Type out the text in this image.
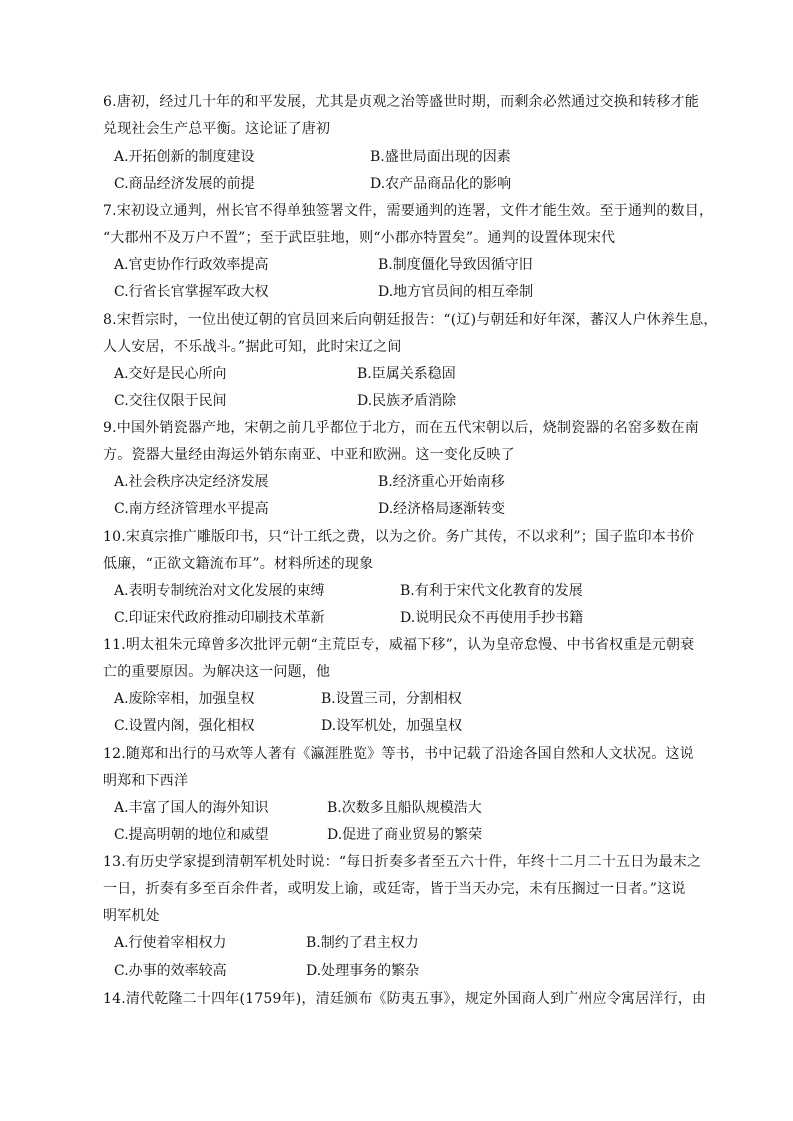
6.唐初，经过几十年的和平发展，尤其是贞观之治等盛世时期，而剩余必然通过交换和转移才能
兑现社会生产总平衡。这论证了唐初
A.开拓创新的制度建设	B.盛世局面出现的因素
C.商品经济发展的前提	D.农产品商品化的影响
7.宋初设立通判，州长官不得单独签署文件，需要通判的连署，文件才能生效。至于通判的数目，
“大郡州不及万户不置”；至于武臣驻地，则“小郡亦特置矣”。通判的设置体现宋代
A.官吏协作行政效率提高	B.制度僵化导致因循守旧
C.行省长官掌握军政大权	D.地方官员间的相互牵制
8.宋哲宗时，一位出使辽朝的官员回来后向朝廷报告：“(辽)与朝廷和好年深，蕃汉人户休养生息，
人人安居，不乐战斗。”据此可知，此时宋辽之间
A.交好是民心所向	B.臣属关系稳固
C.交往仅限于民间	D.民族矛盾消除
9.中国外销瓷器产地，宋朝之前几乎都位于北方，而在五代宋朝以后，烧制瓷器的名窑多数在南
方。瓷器大量经由海运外销东南亚、中亚和欧洲。这一变化反映了
A.社会秩序决定经济发展	B.经济重心开始南移
C.南方经济管理水平提高	D.经济格局逐渐转变
10.宋真宗推广雕版印书，只“计工纸之费，以为之价。务广其传，不以求利”；国子监印本书价
低廉，“正欲文籍流布耳”。材料所述的现象
A.表明专制统治对文化发展的束缚	B.有利于宋代文化教育的发展
C.印证宋代政府推动印刷技术革新	D.说明民众不再使用手抄书籍
11.明太祖朱元璋曾多次批评元朝“主荒臣专，威福下移”，认为皇帝怠慢、中书省权重是元朝衰
亡的重要原因。为解决这一问题，他
A.废除宰相，加强皇权	B.设置三司，分割相权
C.设置内阁，强化相权	D.设军机处，加强皇权
12.随郑和出行的马欢等人著有《瀛涯胜览》等书，书中记载了沿途各国自然和人文状况。这说
明郑和下西洋
A.丰富了国人的海外知识	B.次数多且船队规模浩大
C.提高明朝的地位和威望	D.促进了商业贸易的繁荣
13.有历史学家提到清朝军机处时说：“每日折奏多者至五六十件，年终十二月二十五日为最末之
一日，折奏有多至百余件者，或明发上谕，或廷寄，皆于当天办完，未有压搁过一日者。”这说
明军机处
A.行使着宰相权力	B.制约了君主权力
C.办事的效率较高	D.处理事务的繁杂
14.清代乾隆二十四年(1759年)，清廷颁布《防夷五事》，规定外国商人到广州应令寓居洋行，由
